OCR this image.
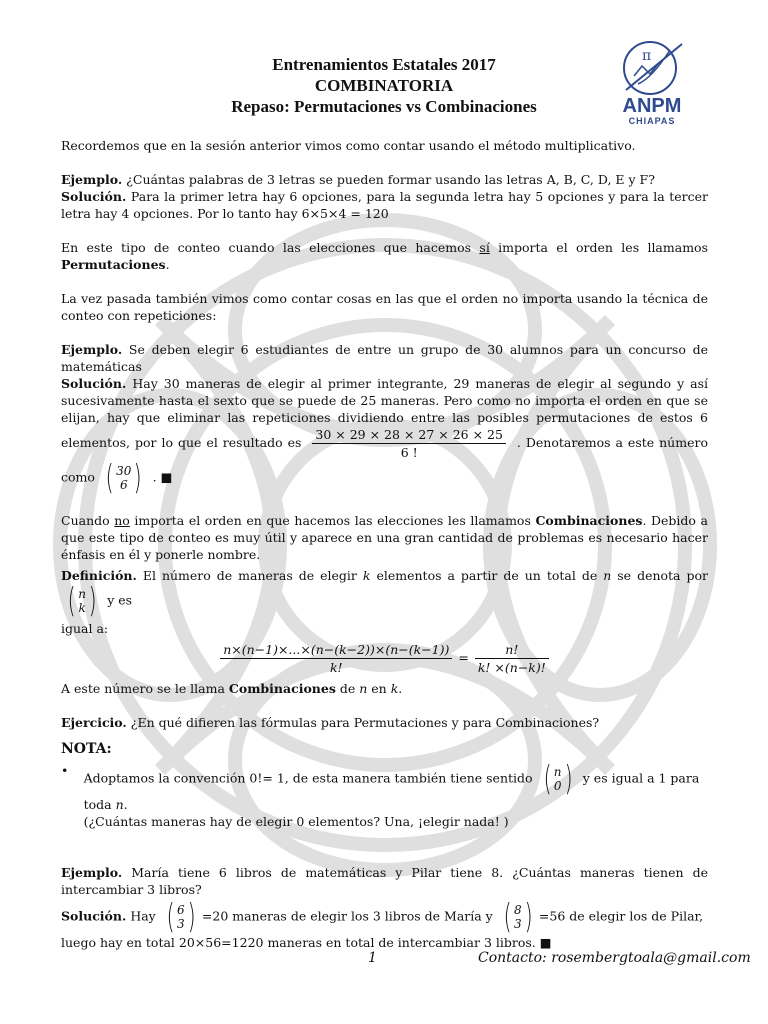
Entrenamientos Estatales 2017
COMBINATORIA
Repaso: Permutaciones vs Combinaciones
π
ANPM
CHIAPAS

Recordemos que en la sesión anterior vimos como contar usando el método multiplicativo.

Ejemplo. ¿Cuántas palabras de 3 letras se pueden formar usando las letras A, B, C, D, E y F?
Solución. Para la primer letra hay 6 opciones, para la segunda letra hay 5 opciones y para la tercer letra hay 4 opciones. Por lo tanto hay 6×5×4 = 120

En este tipo de conteo cuando las elecciones que hacemos sí importa el orden les llamamos Permutaciones.

La vez pasada también vimos como contar cosas en las que el orden no importa usando la técnica de conteo con repeticiones:

Ejemplo. Se deben elegir 6 estudiantes de entre un grupo de 30 alumnos para un concurso de matemáticas
Solución. Hay 30 maneras de elegir al primer integrante, 29 maneras de elegir al segundo y así sucesivamente hasta el sexto que se puede de 25 maneras. Pero como no importa el orden en que se elijan, hay que eliminar las repeticiones dividiendo entre las posibles permutaciones de estos 6 elementos, por lo que el resultado es $\frac{30 \times 29 \times 28 \times 27 \times 26 \times 25}{6 !}$ . Denotaremos a este número como ( 30
6 ) . ■

Cuando no importa el orden en que hacemos las elecciones les llamamos Combinaciones. Debido a que este tipo de conteo es muy útil y aparece en una gran cantidad de problemas es necesario hacer énfasis en él y ponerle nombre.

Definición. El número de maneras de elegir k elementos a partir de un total de n se denota por
( n
k ) y es

igual a:

$\frac{n\times(n-1)\times...\times(n-(k-2))\times(n-(k-1))}{k!} = \frac{n!}{k! \times(n-k)!}$

A este número se le llama Combinaciones de n en k.

Ejercicio. ¿En qué difieren las fórmulas para Permutaciones y para Combinaciones?

NOTA:

•	Adoptamos la convención 0!= 1, de esta manera también tiene sentido ( n
0 ) y es igual a 1 para toda n.
(¿Cuántas maneras hay de elegir 0 elementos? Una, ¡elegir nada! )

Ejemplo. María tiene 6 libros de matemáticas y Pilar tiene 8. ¿Cuántas maneras tienen de intercambiar 3 libros?

Solución. Hay ( 6
3 ) =20 maneras de elegir los 3 libros de María y ( 8
3 ) =56 de elegir los de Pilar,
luego hay en total 20×56=1220 maneras en total de intercambiar 3 libros. ■

1	Contacto: rosembergtoala@gmail.com
